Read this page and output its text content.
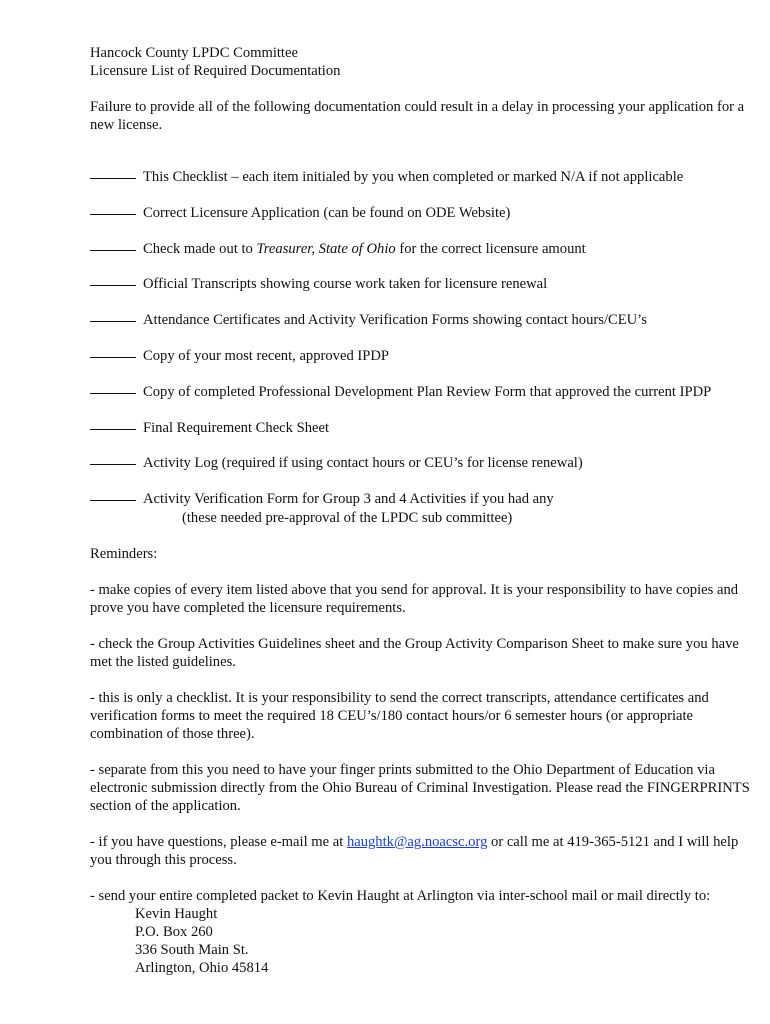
Hancock County LPDC Committee
Licensure List of Required Documentation
Failure to provide all of the following documentation could result in a delay in processing your application for a new license.
This Checklist – each item initialed by you when completed or marked N/A if not applicable
Correct Licensure Application (can be found on ODE Website)
Check made out to Treasurer, State of Ohio for the correct licensure amount
Official Transcripts showing course work taken for licensure renewal
Attendance Certificates and Activity Verification Forms showing contact hours/CEU’s
Copy of your most recent, approved IPDP
Copy of completed Professional Development Plan Review Form that approved the current IPDP
Final Requirement Check Sheet
Activity Log (required if using contact hours or CEU’s for license renewal)
Activity Verification Form for Group 3 and 4 Activities if you had any
(these needed pre-approval of the LPDC sub committee)
Reminders:
- make copies of every item listed above that you send for approval. It is your responsibility to have copies and prove you have completed the licensure requirements.
- check the Group Activities Guidelines sheet and the Group Activity Comparison Sheet to make sure you have met the listed guidelines.
- this is only a checklist. It is your responsibility to send the correct transcripts, attendance certificates and verification forms to meet the required 18 CEU’s/180 contact hours/or 6 semester hours (or appropriate combination of those three).
- separate from this you need to have your finger prints submitted to the Ohio Department of Education via electronic submission directly from the Ohio Bureau of Criminal Investigation. Please read the FINGERPRINTS section of the application.
- if you have questions, please e-mail me at haughtk@ag.noacsc.org or call me at 419-365-5121 and I will help you through this process.
- send your entire completed packet to Kevin Haught at Arlington via inter-school mail or mail directly to:
Kevin Haught
P.O. Box 260
336 South Main St.
Arlington, Ohio 45814
